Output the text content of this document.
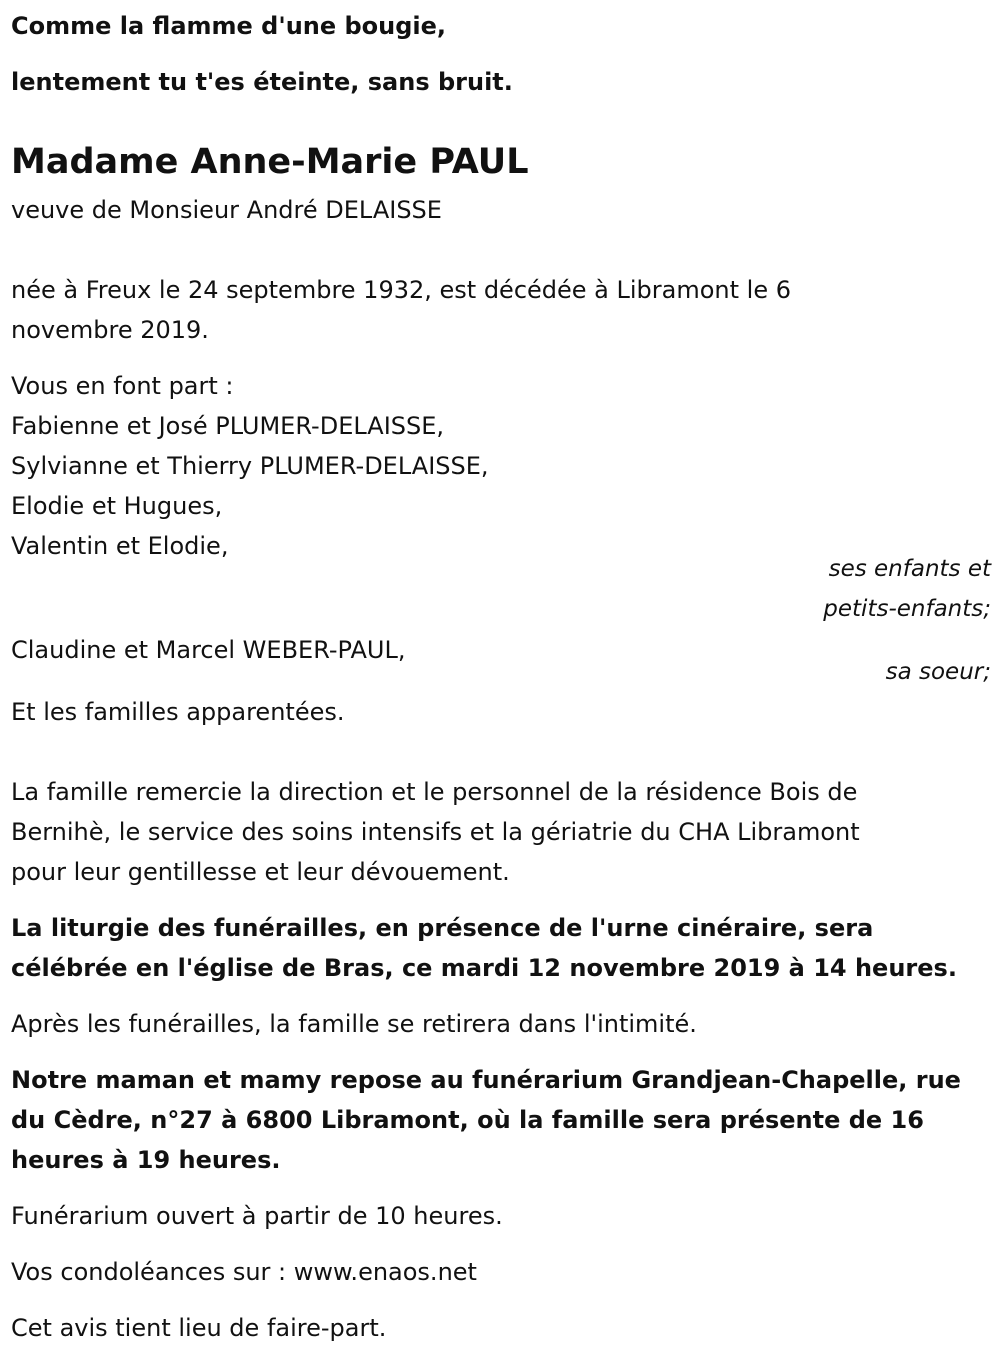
Comme la flamme d'une bougie,

lentement tu t'es éteinte, sans bruit.

Madame Anne-Marie PAUL

veuve de Monsieur André DELAISSE

née à Freux le 24 septembre 1932, est décédée à Libramont le 6

novembre 2019.

Vous en font part :

Fabienne et José PLUMER-DELAISSE,

Sylvianne et Thierry PLUMER-DELAISSE,

Elodie et Hugues,

Valentin et Elodie,

ses enfants et

petits-enfants;

Claudine et Marcel WEBER-PAUL,

sa soeur;

Et les familles apparentées.

La famille remercie la direction et le personnel de la résidence Bois de

Bernihè, le service des soins intensifs et la gériatrie du CHA Libramont

pour leur gentillesse et leur dévouement.

La liturgie des funérailles, en présence de l'urne cinéraire, sera

célébrée en l'église de Bras, ce mardi 12 novembre 2019 à 14 heures.

Après les funérailles, la famille se retirera dans l'intimité.

Notre maman et mamy repose au funérarium Grandjean-Chapelle, rue

du Cèdre, n°27 à 6800 Libramont, où la famille sera présente de 16

heures à 19 heures.

Funérarium ouvert à partir de 10 heures.

Vos condoléances sur : www.enaos.net

Cet avis tient lieu de faire-part.
